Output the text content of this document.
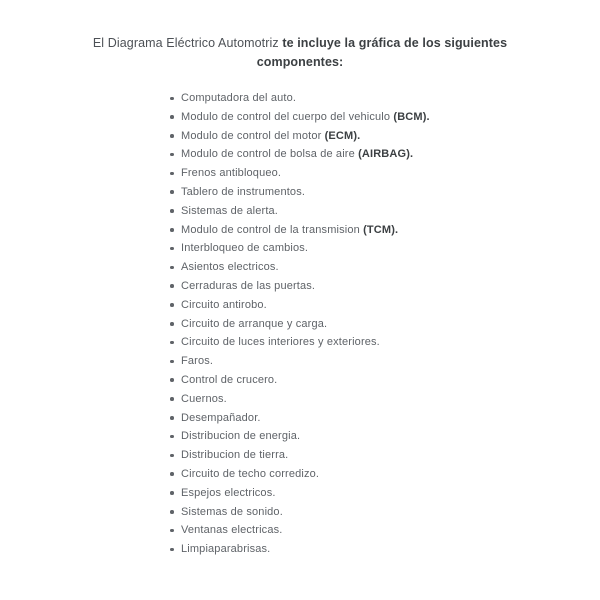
El Diagrama Eléctrico Automotriz te incluye la gráfica de los siguientes componentes:
Computadora del auto.
Modulo de control del cuerpo del vehiculo (BCM).
Modulo de control del motor (ECM).
Modulo de control de bolsa de aire (AIRBAG).
Frenos antibloqueo.
Tablero de instrumentos.
Sistemas de alerta.
Modulo de control de la transmision (TCM).
Interbloqueo de cambios.
Asientos electricos.
Cerraduras de las puertas.
Circuito antirobo.
Circuito de arranque y carga.
Circuito de luces interiores y exteriores.
Faros.
Control de crucero.
Cuernos.
Desempañador.
Distribucion de energia.
Distribucion de tierra.
Circuito de techo corredizo.
Espejos electricos.
Sistemas de sonido.
Ventanas electricas.
Limpiaparabrisas.
